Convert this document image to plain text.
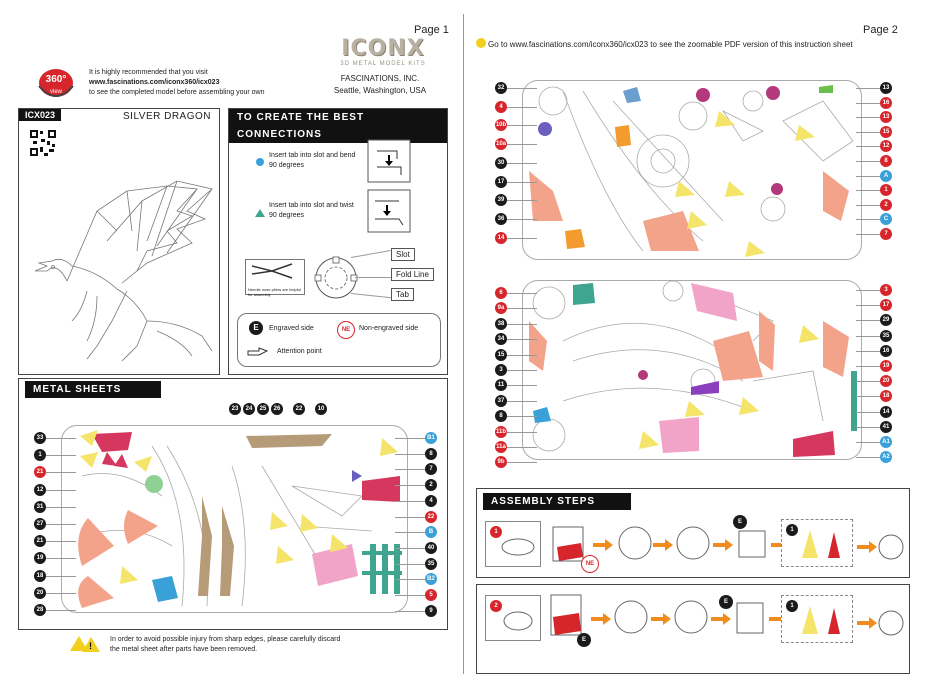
Page 1
ICONX
3D METAL MODEL KITS
360°
view
It is highly recommended that you visit
www.fascinations.com/iconx360/icx023
to see the completed model before assembling your own
FASCINATIONS, INC.
Seattle, Washington, USA
ICX023	SILVER DRAGON	TO CREATE THE BEST CONNECTIONS
Insert tab into slot and bend 90 degrees
Insert tab into slot and twist 90 degrees
Needle nose pliers are helpful for assembly
Slot
Fold Line
Tab
E	Engraved side	NE	Non-engraved side
Attention point
METAL SHEETS
!
In order to avoid possible injury from sharp edges, please carefully discard
the metal sheet after parts have been removed.
23	24	25	26	22	10
33
1
21
12
31
27
21
19
18
20
28
B1
8
7
2
4
22
B
40
35
B2
5
9
Page 2
Go to www.fascinations.com/iconx360/icx023 to see the zoomable PDF version of this instruction sheet
32
4
10b
10a
30
17
39
36
14
13
16
13
15
12
8
A
1
2
C
7
6
9a
38
34
15
3
11
37
8
11b
11a
9b
3
17
29
35
16
19
20
18
14
41
A1
A2
ASSEMBLY STEPS
1
NE
E
1
2
E
E
1
